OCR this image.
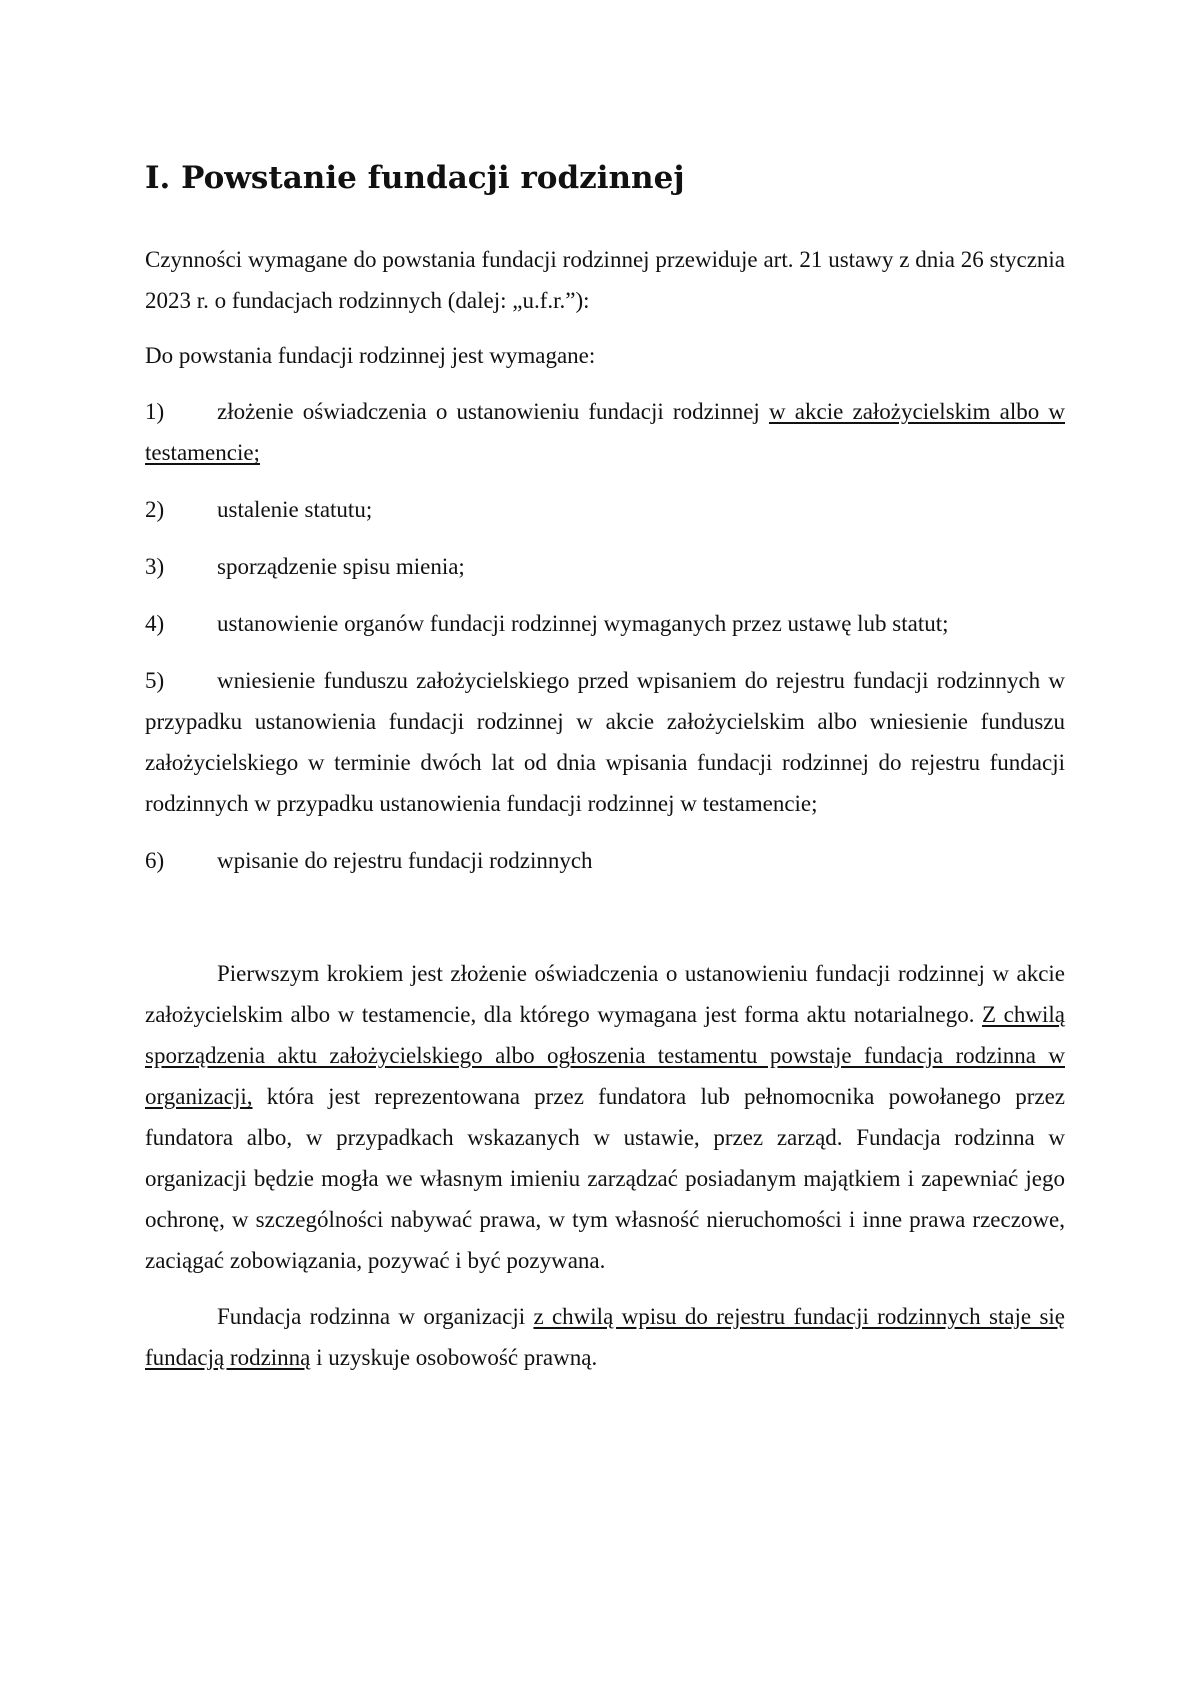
I. Powstanie fundacji rodzinnej

Czynności wymagane do powstania fundacji rodzinnej przewiduje art. 21 ustawy z dnia 26 stycznia 2023 r. o fundacjach rodzinnych (dalej: „u.f.r.”):

Do powstania fundacji rodzinnej jest wymagane:

1) złożenie oświadczenia o ustanowieniu fundacji rodzinnej w akcie założycielskim albo w testamencie;
2) ustalenie statutu;
3) sporządzenie spisu mienia;
4) ustanowienie organów fundacji rodzinnej wymaganych przez ustawę lub statut;
5) wniesienie funduszu założycielskiego przed wpisaniem do rejestru fundacji rodzinnych w przypadku ustanowienia fundacji rodzinnej w akcie założycielskim albo wniesienie funduszu założycielskiego w terminie dwóch lat od dnia wpisania fundacji rodzinnej do rejestru fundacji rodzinnych w przypadku ustanowienia fundacji rodzinnej w testamencie;
6) wpisanie do rejestru fundacji rodzinnych

Pierwszym krokiem jest złożenie oświadczenia o ustanowieniu fundacji rodzinnej w akcie założycielskim albo w testamencie, dla którego wymagana jest forma aktu notarialnego. Z chwilą sporządzenia aktu założycielskiego albo ogłoszenia testamentu powstaje fundacja rodzinna w organizacji, która jest reprezentowana przez fundatora lub pełnomocnika powołanego przez fundatora albo, w przypadkach wskazanych w ustawie, przez zarząd. Fundacja rodzinna w organizacji będzie mogła we własnym imieniu zarządzać posiadanym majątkiem i zapewniać jego ochronę, w szczególności nabywać prawa, w tym własność nieruchomości i inne prawa rzeczowe, zaciągać zobowiązania, pozywać i być pozywana.

Fundacja rodzinna w organizacji z chwilą wpisu do rejestru fundacji rodzinnych staje się fundacją rodzinną i uzyskuje osobowość prawną.
